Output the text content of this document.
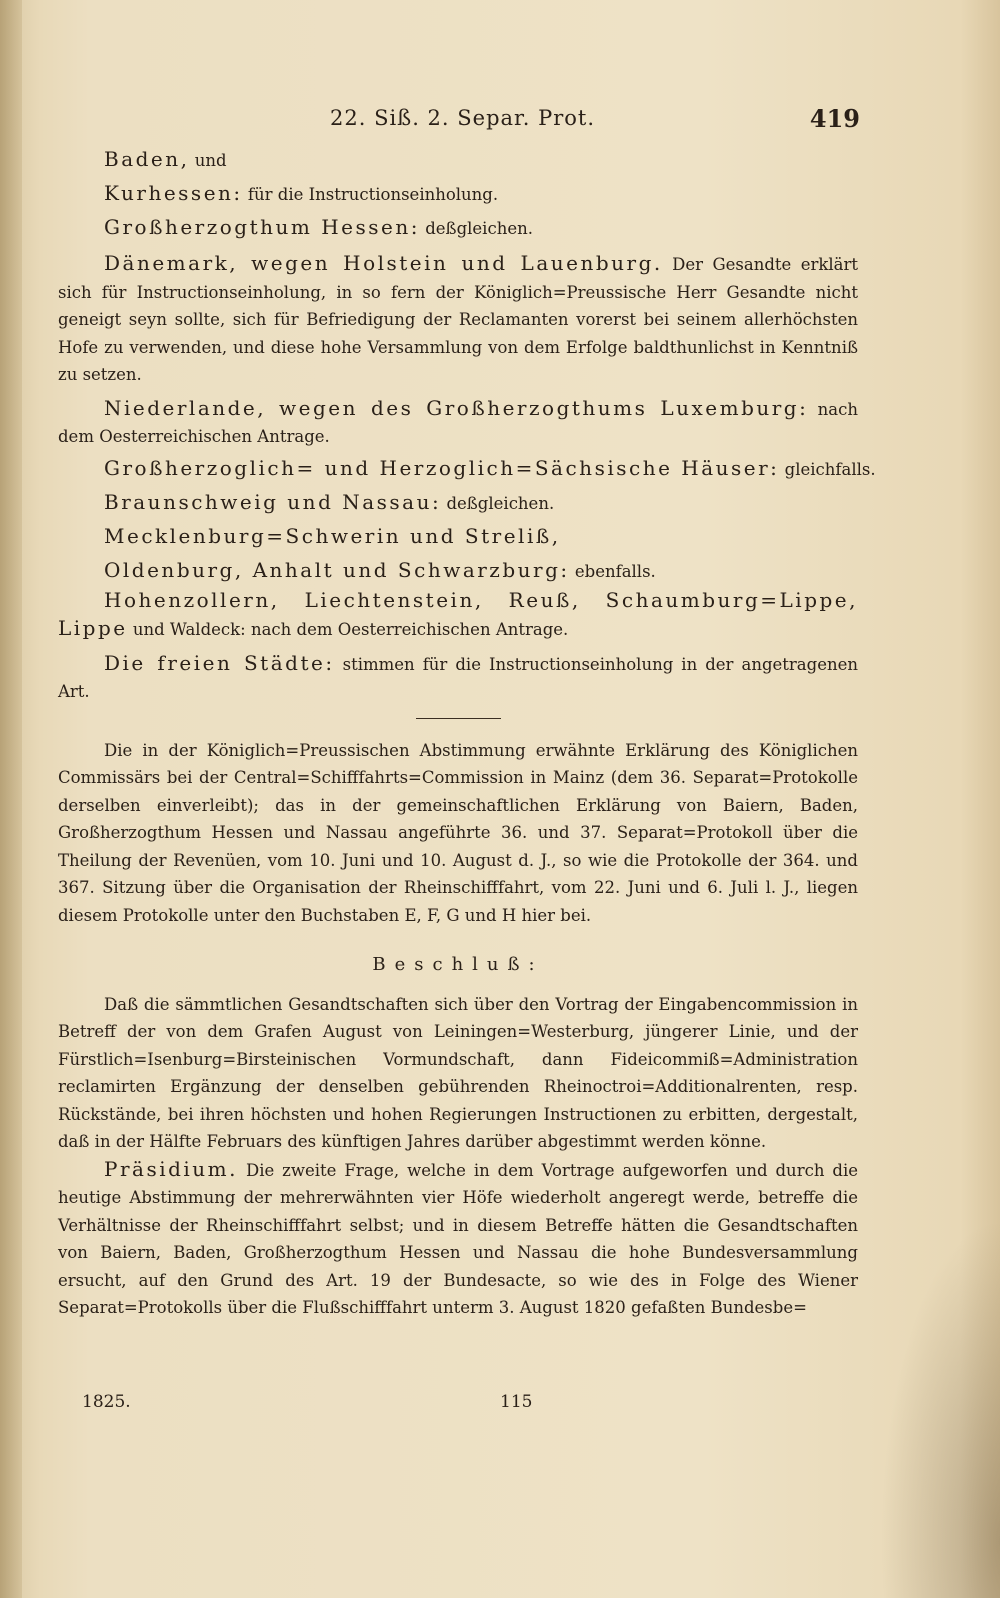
22. Siß. 2. Separ. Prot.	419
Baden, und
Kurhessen: für die Instructionseinholung.
Großherzogthum Hessen: deßgleichen.

Dänemark, wegen Holstein und Lauenburg. Der Gesandte erklärt sich für Instructionseinholung, in so fern der Königlich=Preussische Herr Gesandte nicht geneigt seyn sollte, sich für Befriedigung der Reclamanten vorerst bei seinem allerhöchsten Hofe zu verwenden, und diese hohe Versammlung von dem Erfolge baldthunlichst in Kenntniß zu setzen.

Niederlande, wegen des Großherzogthums Luxemburg: nach dem Oesterreichischen Antrage.

Großherzoglich= und Herzoglich=Sächsische Häuser: gleichfalls.
Braunschweig und Nassau: deßgleichen.
Mecklenburg=Schwerin und Streliß,
Oldenburg, Anhalt und Schwarzburg: ebenfalls.

Hohenzollern, Liechtenstein, Reuß, Schaumburg=Lippe, Lippe und Waldeck: nach dem Oesterreichischen Antrage.

Die freien Städte: stimmen für die Instructionseinholung in der angetragenen Art.

Die in der Königlich=Preussischen Abstimmung erwähnte Erklärung des Königlichen Commissärs bei der Central=Schifffahrts=Commission in Mainz (dem 36. Separat=Protokolle derselben einverleibt); das in der gemeinschaftlichen Erklärung von Baiern, Baden, Großherzogthum Hessen und Nassau angeführte 36. und 37. Separat=Protokoll über die Theilung der Revenüen, vom 10. Juni und 10. August d. J., so wie die Protokolle der 364. und 367. Sitzung über die Organisation der Rheinschifffahrt, vom 22. Juni und 6. Juli l. J., liegen diesem Protokolle unter den Buchstaben E, F, G und H hier bei.

Beschluß:

Daß die sämmtlichen Gesandtschaften sich über den Vortrag der Eingabencommission in Betreff der von dem Grafen August von Leiningen=Westerburg, jüngerer Linie, und der Fürstlich=Isenburg=Birsteinischen Vormundschaft, dann Fideicommiß=Administration reclamirten Ergänzung der denselben gebührenden Rheinoctroi=Additionalrenten, resp. Rückstände, bei ihren höchsten und hohen Regierungen Instructionen zu erbitten, dergestalt, daß in der Hälfte Februars des künftigen Jahres darüber abgestimmt werden könne.

Präsidium. Die zweite Frage, welche in dem Vortrage aufgeworfen und durch die heutige Abstimmung der mehrerwähnten vier Höfe wiederholt angeregt werde, betreffe die Verhältnisse der Rheinschifffahrt selbst; und in diesem Betreffe hätten die Gesandtschaften von Baiern, Baden, Großherzogthum Hessen und Nassau die hohe Bundesversammlung ersucht, auf den Grund des Art. 19 der Bundesacte, so wie des in Folge des Wiener Separat=Protokolls über die Flußschifffahrt unterm 3. August 1820 gefaßten Bundesbe=

1825.	115
